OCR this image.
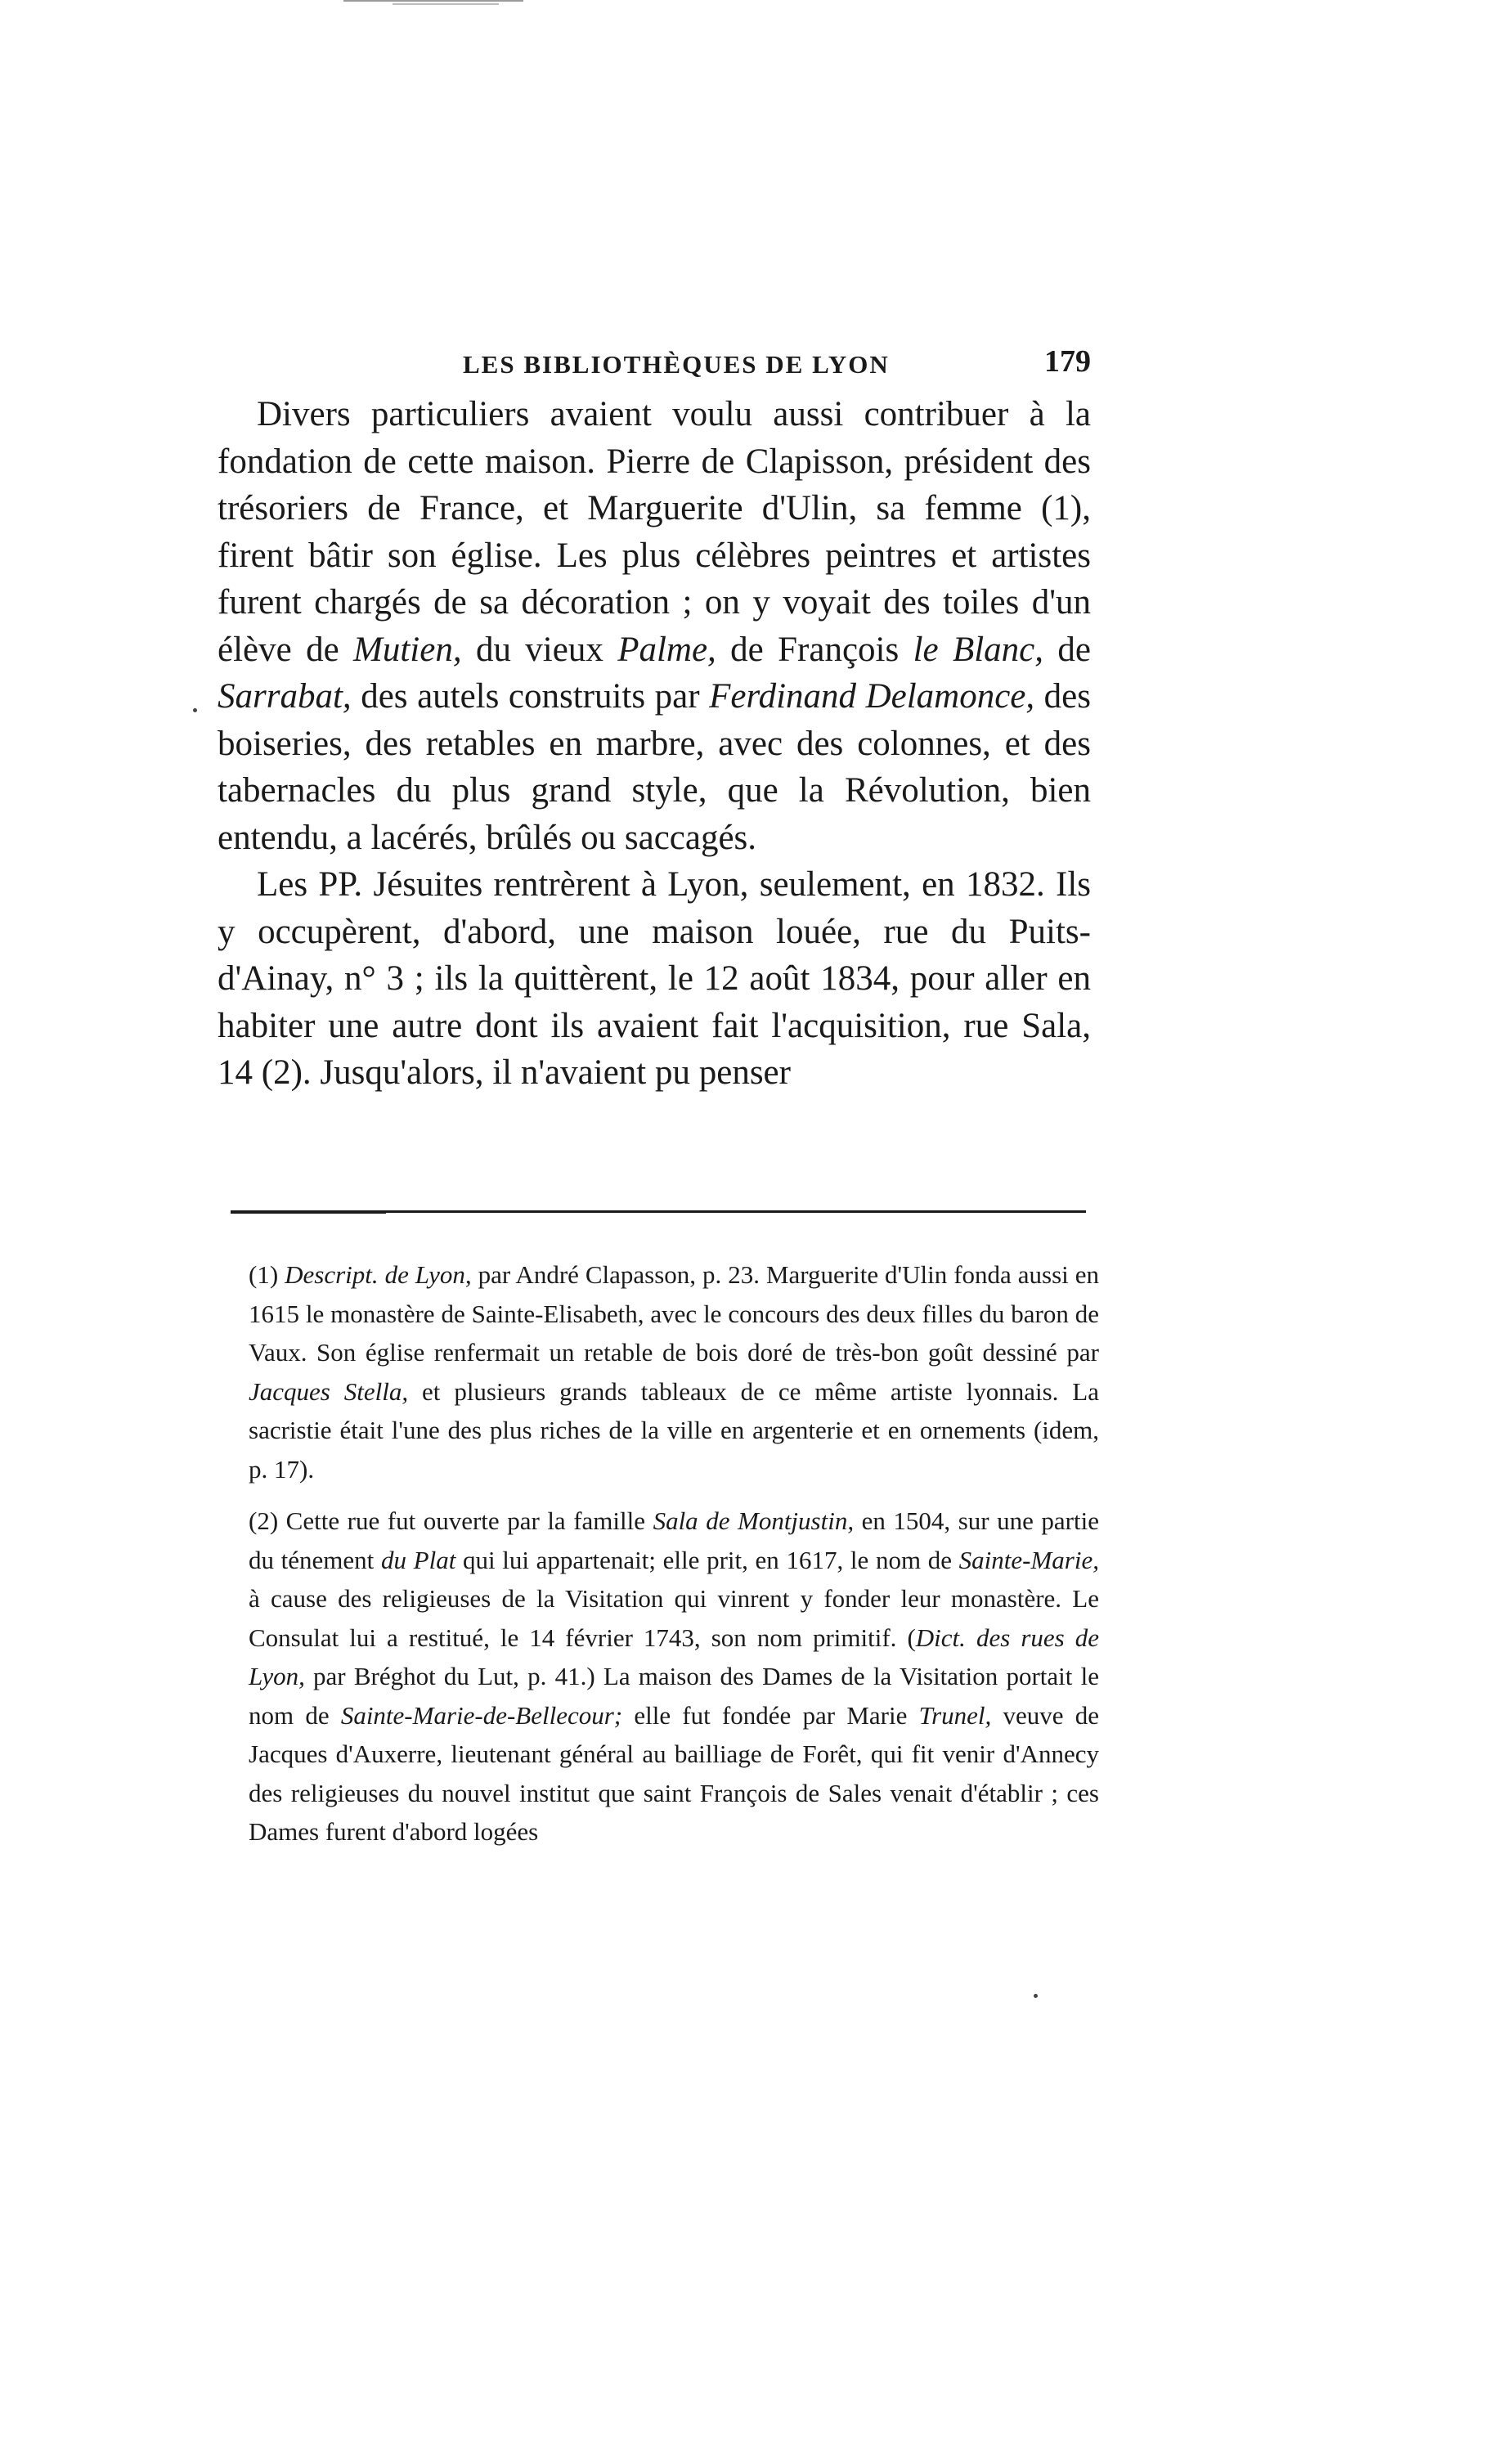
LES BIBLIOTHÈQUES DE LYON	179

Divers particuliers avaient voulu aussi contribuer à la fondation de cette maison. Pierre de Clapisson, président des trésoriers de France, et Marguerite d'Ulin, sa femme (1), firent bâtir son église. Les plus célèbres peintres et artistes furent chargés de sa décoration ; on y voyait des toiles d'un élève de Mutien, du vieux Palme, de François le Blanc, de Sarrabat, des autels construits par Ferdinand Delamonce, des boiseries, des retables en marbre, avec des colonnes, et des tabernacles du plus grand style, que la Révolution, bien entendu, a lacérés, brûlés ou saccagés.

Les PP. Jésuites rentrèrent à Lyon, seulement, en 1832. Ils y occupèrent, d'abord, une maison louée, rue du Puits-d'Ainay, n° 3 ; ils la quittèrent, le 12 août 1834, pour aller en habiter une autre dont ils avaient fait l'acquisition, rue Sala, 14 (2). Jusqu'alors, il n'avaient pu penser

(1) Descript. de Lyon, par André Clapasson, p. 23. Marguerite d'Ulin fonda aussi en 1615 le monastère de Sainte-Elisabeth, avec le concours des deux filles du baron de Vaux. Son église renfermait un retable de bois doré de très-bon goût dessiné par Jacques Stella, et plusieurs grands tableaux de ce même artiste lyonnais. La sacristie était l'une des plus riches de la ville en argenterie et en ornements (idem, p. 17).

(2) Cette rue fut ouverte par la famille Sala de Montjustin, en 1504, sur une partie du ténement du Plat qui lui appartenait; elle prit, en 1617, le nom de Sainte-Marie, à cause des religieuses de la Visitation qui vinrent y fonder leur monastère. Le Consulat lui a restitué, le 14 février 1743, son nom primitif. (Dict. des rues de Lyon, par Bréghot du Lut, p. 41.) La maison des Dames de la Visitation portait le nom de Sainte-Marie-de-Bellecour; elle fut fondée par Marie Trunel, veuve de Jacques d'Auxerre, lieutenant général au bailliage de Forêt, qui fit venir d'Annecy des religieuses du nouvel institut que saint François de Sales venait d'établir ; ces Dames furent d'abord logées
